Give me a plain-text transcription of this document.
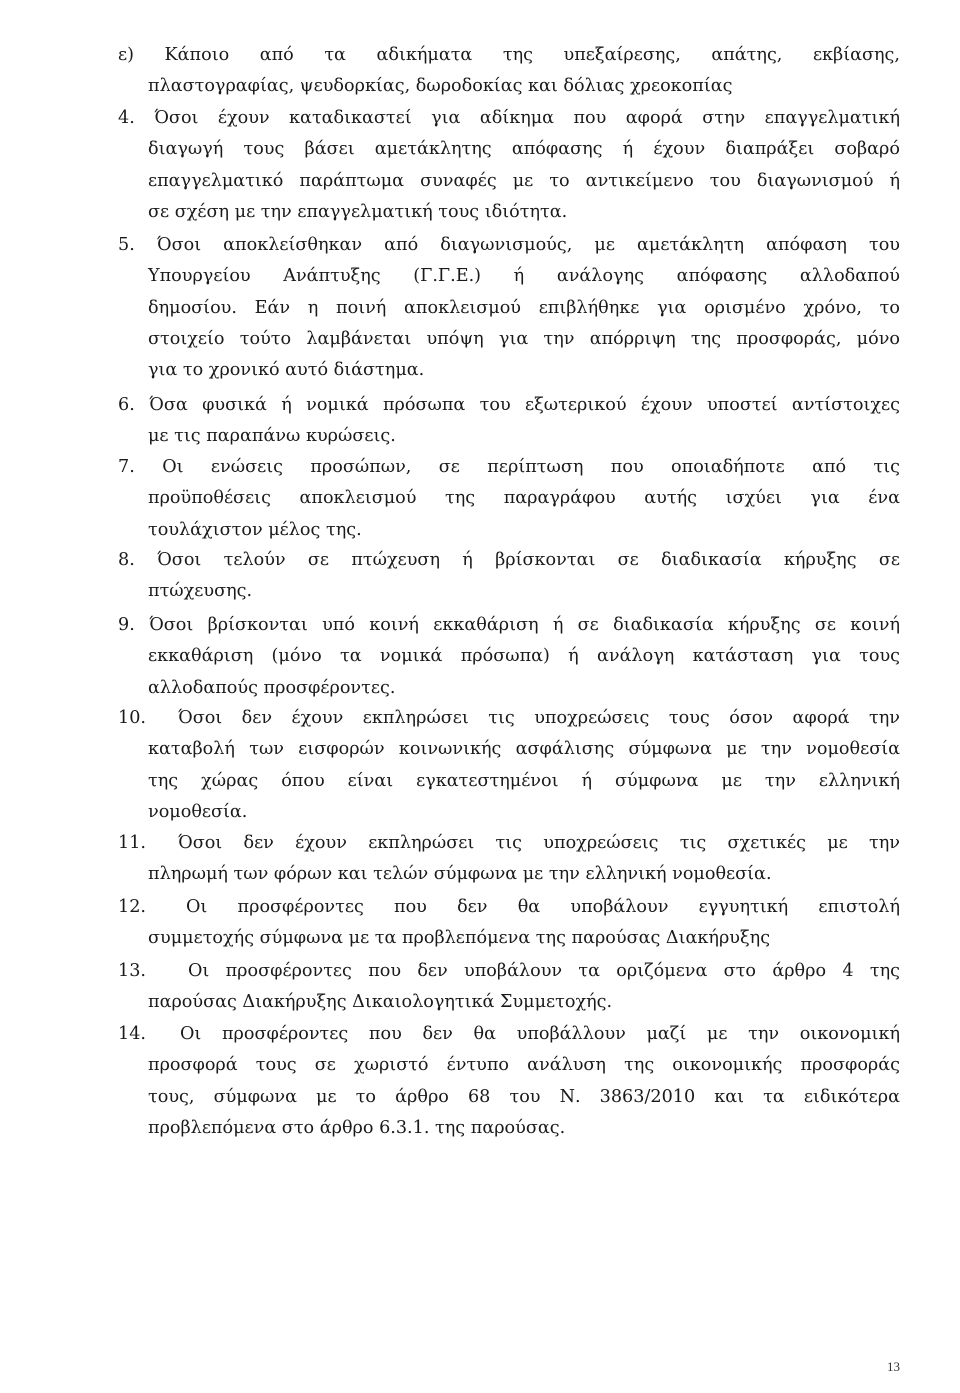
ε) Κάποιο από τα αδικήματα της υπεξαίρεσης, απάτης, εκβίασης,
πλαστογραφίας, ψευδορκίας, δωροδοκίας και δόλιας χρεοκοπίας
4. Όσοι έχουν καταδικαστεί για αδίκημα που αφορά στην επαγγελματική
διαγωγή τους βάσει αμετάκλητης απόφασης ή έχουν διαπράξει σοβαρό
επαγγελματικό παράπτωμα συναφές με το αντικείμενο του διαγωνισμού ή
σε σχέση με την επαγγελματική τους ιδιότητα.
5. Όσοι αποκλείσθηκαν από διαγωνισμούς, με αμετάκλητη απόφαση του
Υπουργείου Ανάπτυξης (Γ.Γ.Ε.) ή ανάλογης απόφασης αλλοδαπού
δημοσίου. Εάν η ποινή αποκλεισμού επιβλήθηκε για ορισμένο χρόνο, το
στοιχείο τούτο λαμβάνεται υπόψη για την απόρριψη της προσφοράς, μόνο
για το χρονικό αυτό διάστημα.
6. Όσα φυσικά ή νομικά πρόσωπα του εξωτερικού έχουν υποστεί αντίστοιχες
με τις παραπάνω κυρώσεις.
7. Οι ενώσεις προσώπων, σε περίπτωση που οποιαδήποτε από τις
προϋποθέσεις αποκλεισμού της παραγράφου αυτής ισχύει για ένα
τουλάχιστον μέλος της.
8. Όσοι τελούν σε πτώχευση ή βρίσκονται σε διαδικασία κήρυξης σε
πτώχευσης.
9. Όσοι βρίσκονται υπό κοινή εκκαθάριση ή σε διαδικασία κήρυξης σε κοινή
εκκαθάριση (μόνο τα νομικά πρόσωπα) ή ανάλογη κατάσταση για τους
αλλοδαπούς προσφέροντες.
10. Όσοι δεν έχουν εκπληρώσει τις υποχρεώσεις τους όσον αφορά την
καταβολή των εισφορών κοινωνικής ασφάλισης σύμφωνα με την νομοθεσία
της χώρας όπου είναι εγκατεστημένοι ή σύμφωνα με την ελληνική
νομοθεσία.
11. Όσοι δεν έχουν εκπληρώσει τις υποχρεώσεις τις σχετικές με την
πληρωμή των φόρων και τελών σύμφωνα με την ελληνική νομοθεσία.
12. Οι προσφέροντες που δεν θα υποβάλουν εγγυητική επιστολή
συμμετοχής σύμφωνα με τα προβλεπόμενα της παρούσας Διακήρυξης
13. Οι προσφέροντες που δεν υποβάλουν τα οριζόμενα στο άρθρο 4 της
παρούσας Διακήρυξης Δικαιολογητικά Συμμετοχής.
14. Οι προσφέροντες που δεν θα υποβάλλουν μαζί με την οικονομική
προσφορά τους σε χωριστό έντυπο ανάλυση της οικονομικής προσφοράς
τους, σύμφωνα με το άρθρο 68 του Ν. 3863/2010 και τα ειδικότερα
προβλεπόμενα στο άρθρο 6.3.1. της παρούσας.
13
